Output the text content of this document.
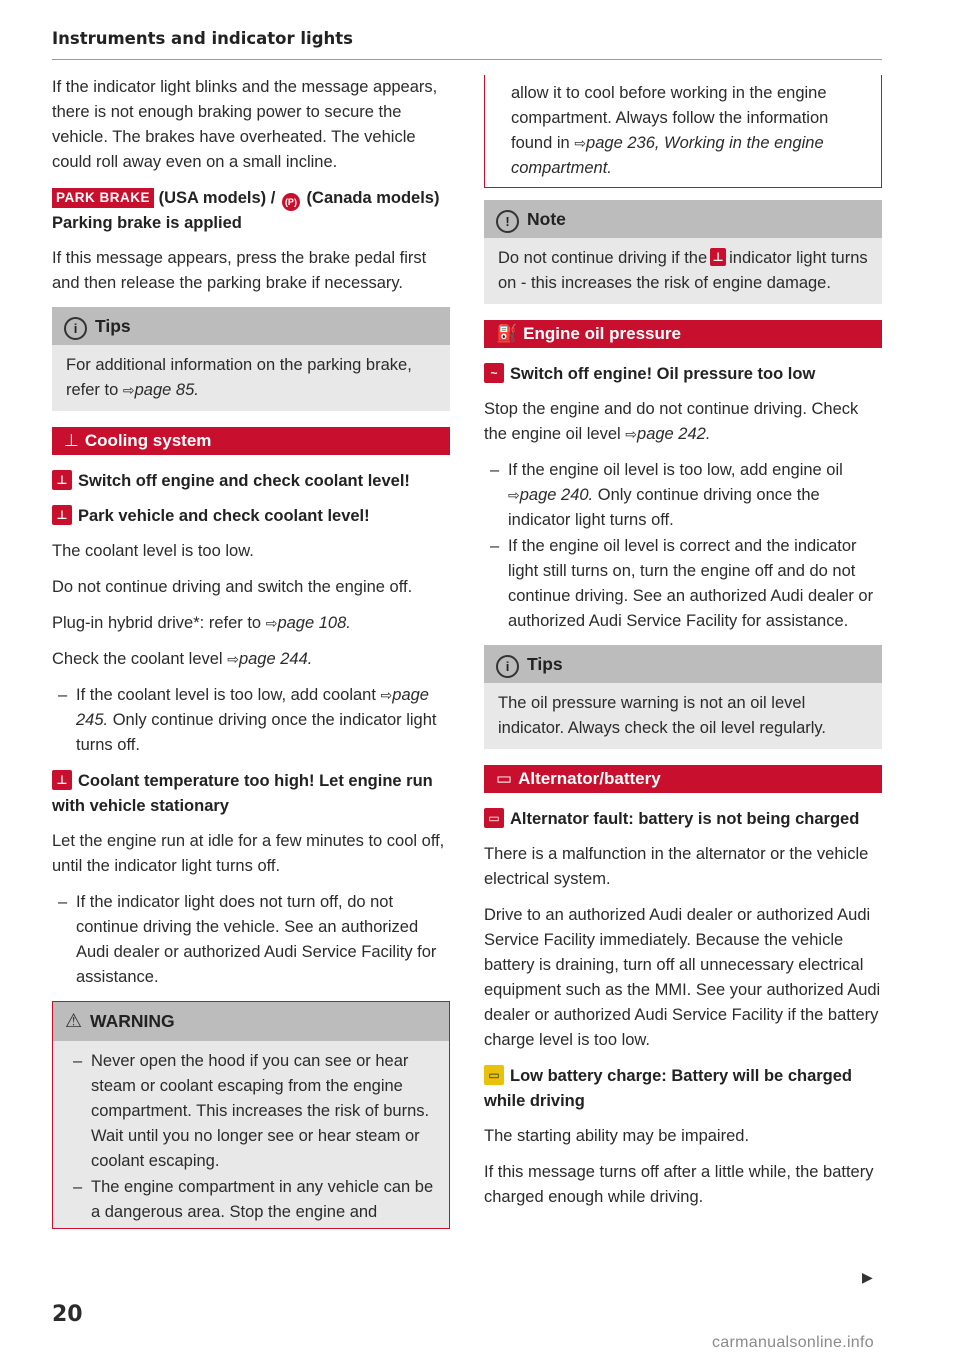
Instruments and indicator lights

If the indicator light blinks and the message appears, there is not enough braking power to secure the vehicle. The brakes have overheated. The vehicle could roll away even on a small incline.

PARK BRAKE (USA models) / (P) (Canada models)
Parking brake is applied

If this message appears, press the brake pedal first and then release the parking brake if necessary.

i Tips

For additional information on the parking brake, refer to ⇨page 85.

⊥ Cooling system

⊥ Switch off engine and check coolant level!

⊥ Park vehicle and check coolant level!

The coolant level is too low.

Do not continue driving and switch the engine off.

Plug-in hybrid drive*: refer to ⇨page 108.

Check the coolant level ⇨page 244.

– If the coolant level is too low, add coolant ⇨page 245. Only continue driving once the indicator light turns off.

⊥ Coolant temperature too high! Let engine run with vehicle stationary

Let the engine run at idle for a few minutes to cool off, until the indicator light turns off.

– If the indicator light does not turn off, do not continue driving the vehicle. See an authorized Audi dealer or authorized Audi Service Facility for assistance.
⚠ WARNING
– Never open the hood if you can see or hear steam or coolant escaping from the engine compartment. This increases the risk of burns. Wait until you no longer see or hear steam or coolant escaping.
– The engine compartment in any vehicle can be a dangerous area. Stop the engine and

allow it to cool before working in the engine compartment. Always follow the information found in ⇨page 236, Working in the engine compartment.

! Note

Do not continue driving if the ⊥ indicator light turns on - this increases the risk of engine damage.

⛽ Engine oil pressure

~ Switch off engine! Oil pressure too low

Stop the engine and do not continue driving. Check the engine oil level ⇨page 242.

– If the engine oil level is too low, add engine oil ⇨page 240. Only continue driving once the indicator light turns off.
– If the engine oil level is correct and the indicator light still turns on, turn the engine off and do not continue driving. See an authorized Audi dealer or authorized Audi Service Facility for assistance.
i Tips

The oil pressure warning is not an oil level indicator. Always check the oil level regularly.

▭ Alternator/battery

▭ Alternator fault: battery is not being charged

There is a malfunction in the alternator or the vehicle electrical system.

Drive to an authorized Audi dealer or authorized Audi Service Facility immediately. Because the vehicle battery is draining, turn off all unnecessary electrical equipment such as the MMI. See your authorized Audi dealer or authorized Audi Service Facility if the battery charge level is too low.

▭ Low battery charge: Battery will be charged while driving

The starting ability may be impaired.

If this message turns off after a little while, the battery charged enough while driving.

▶
20
carmanualsonline.info
